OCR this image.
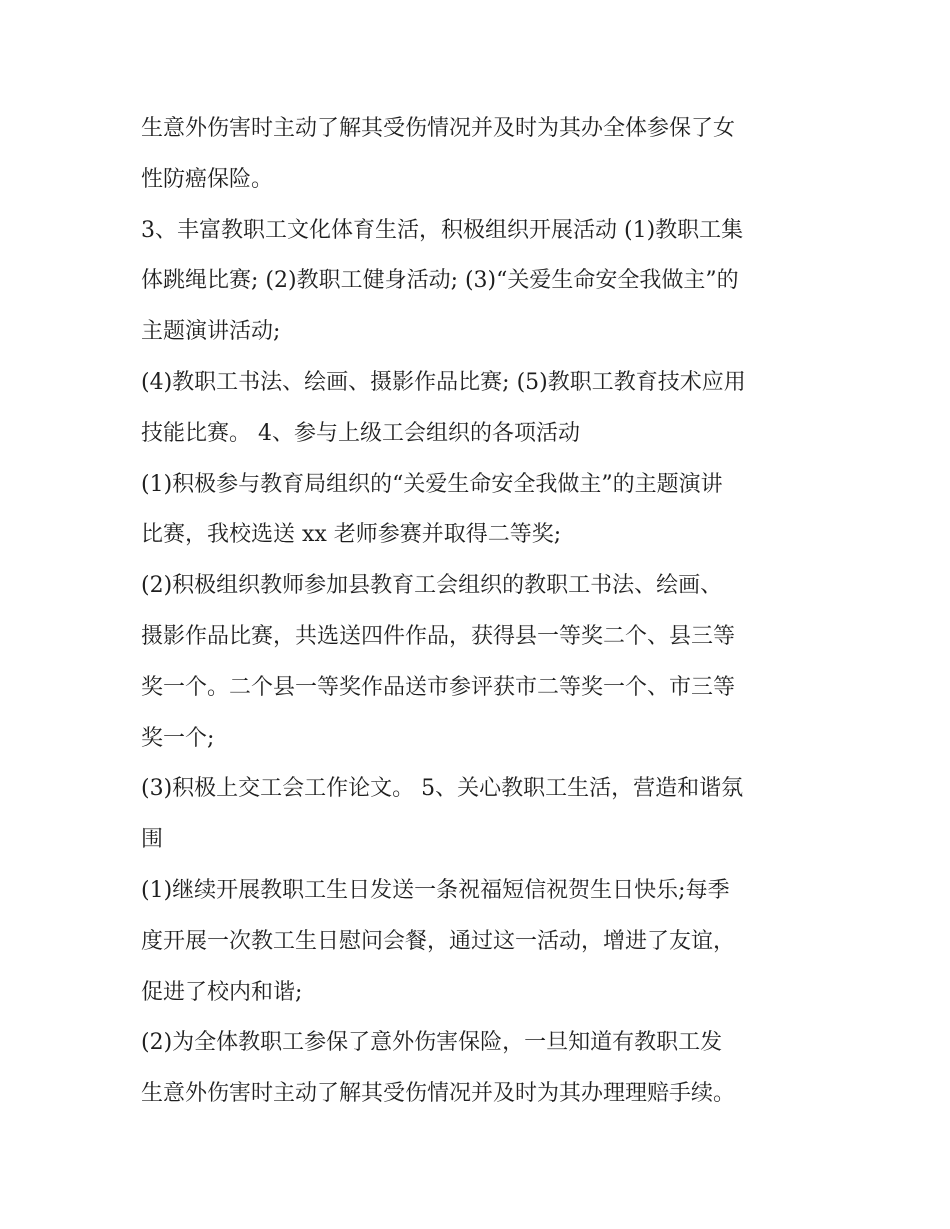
生意外伤害时主动了解其受伤情况并及时为其办全体参保了女
性防癌保险。
3、丰富教职工文化体育生活，积极组织开展活动 (1)教职工集
体跳绳比赛; (2)教职工健身活动; (3)“关爱生命安全我做主”的
主题演讲活动;
(4)教职工书法、绘画、摄影作品比赛; (5)教职工教育技术应用
技能比赛。 4、参与上级工会组织的各项活动
(1)积极参与教育局组织的“关爱生命安全我做主”的主题演讲
比赛，我校选送 xx 老师参赛并取得二等奖;
(2)积极组织教师参加县教育工会组织的教职工书法、绘画、
摄影作品比赛，共选送四件作品，获得县一等奖二个、县三等
奖一个。二个县一等奖作品送市参评获市二等奖一个、市三等
奖一个;
(3)积极上交工会工作论文。 5、关心教职工生活，营造和谐氛
围
(1)继续开展教职工生日发送一条祝福短信祝贺生日快乐;每季
度开展一次教工生日慰问会餐，通过这一活动，增进了友谊，
促进了校内和谐;
(2)为全体教职工参保了意外伤害保险，一旦知道有教职工发
生意外伤害时主动了解其受伤情况并及时为其办理理赔手续。
